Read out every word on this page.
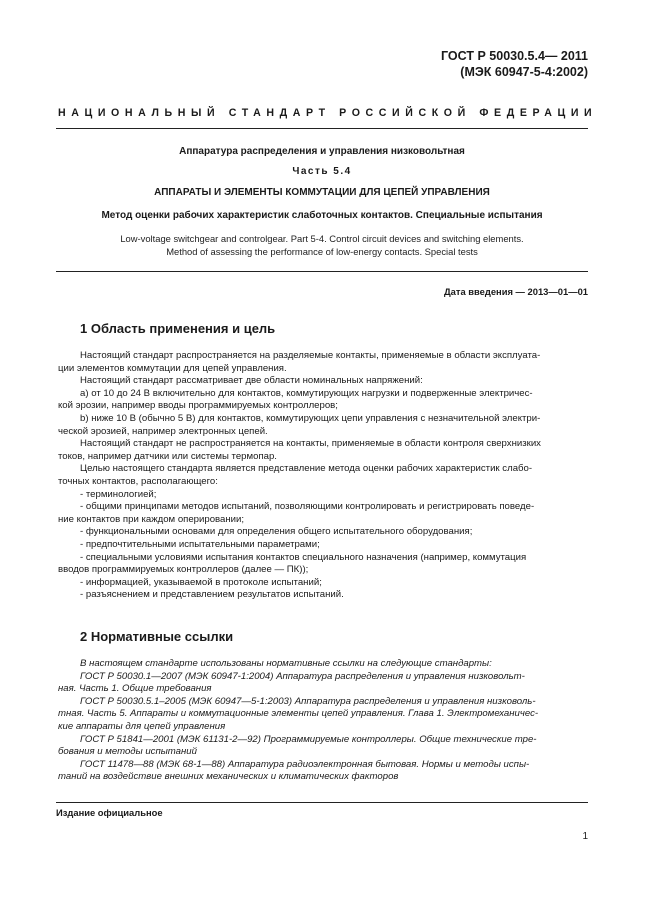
ГОСТ Р 50030.5.4— 2011
(МЭК 60947-5-4:2002)
НАЦИОНАЛЬНЫЙ СТАНДАРТ РОССИЙСКОЙ ФЕДЕРАЦИИ
Аппаратура распределения и управления низковольтная
Часть 5.4
АППАРАТЫ И ЭЛЕМЕНТЫ КОММУТАЦИИ ДЛЯ ЦЕПЕЙ УПРАВЛЕНИЯ
Метод оценки рабочих характеристик слаботочных контактов. Специальные испытания
Low-voltage switchgear and controlgear. Part 5-4. Control circuit devices and switching elements.
Method of assessing the performance of low-energy contacts. Special tests
Дата введения — 2013—01—01
1 Область применения и цель
Настоящий стандарт распространяется на разделяемые контакты, применяемые в области эксплуата-
ции элементов коммутации для цепей управления.
Настоящий стандарт рассматривает две области номинальных напряжений:
а) от 10 до 24 В включительно для контактов, коммутирующих нагрузки и подверженные электричес-
кой эрозии, например вводы программируемых контроллеров;
b) ниже 10 В (обычно 5 В) для контактов, коммутирующих цепи управления с незначительной электри-
ческой эрозией, например электронных цепей.
Настоящий стандарт не распространяется на контакты, применяемые в области контроля сверхнизких
токов, например датчики или системы термопар.
Целью настоящего стандарта является представление метода оценки рабочих характеристик слабо-
точных контактов, располагающего:
- терминологией;
- общими принципами методов испытаний, позволяющими контролировать и регистрировать поведе-
ние контактов при каждом оперировании;
- функциональными основами для определения общего испытательного оборудования;
- предпочтительными испытательными параметрами;
- специальными условиями испытания контактов специального назначения (например, коммутация
вводов программируемых контроллеров (далее — ПК));
- информацией, указываемой в протоколе испытаний;
- разъяснением и представлением результатов испытаний.
2 Нормативные ссылки
В настоящем стандарте использованы нормативные ссылки на следующие стандарты:
ГОСТ Р 50030.1—2007 (МЭК 60947-1:2004) Аппаратура распределения и управления низковольт-
ная. Часть 1. Общие требования
ГОСТ Р 50030.5.1–2005 (МЭК 60947—5-1:2003) Аппаратура распределения и управления низковоль-
тная. Часть 5. Аппараты и коммутационные элементы цепей управления. Глава 1. Электромеханичес-
кие аппараты для цепей управления
ГОСТ Р 51841—2001 (МЭК 61131-2—92) Программируемые контроллеры. Общие технические тре-
бования и методы испытаний
ГОСТ 11478—88 (МЭК 68-1—88) Аппаратура радиоэлектронная бытовая. Нормы и методы испы-
таний на воздействие внешних механических и климатических факторов
Издание официальное
1
